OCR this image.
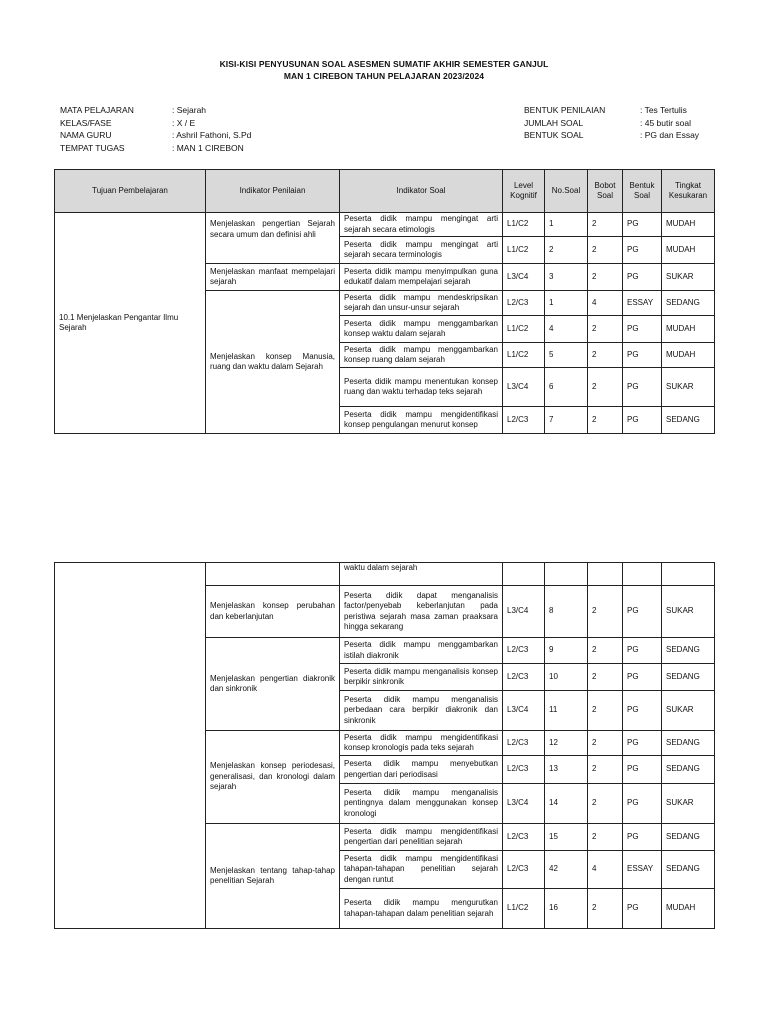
KISI-KISI PENYUSUNAN SOAL ASESMEN SUMATIF AKHIR SEMESTER GANJUL
MAN 1 CIREBON TAHUN PELAJARAN 2023/2024
MATA PELAJARAN	: Sejarah
KELAS/FASE	: X / E
NAMA GURU	: Ashril Fathoni, S.Pd
TEMPAT TUGAS	: MAN 1 CIREBON
BENTUK PENILAIAN	: Tes Tertulis
JUMLAH SOAL	: 45 butir soal
BENTUK SOAL	: PG dan Essay
Tujuan Pembelajaran	Indikator Penilaian	Indikator Soal	Level Kognitif	No.Soal	Bobot Soal	Bentuk Soal	Tingkat Kesukaran
10.1 Menjelaskan Pengantar Ilmu Sejarah	Menjelaskan pengertian Sejarah secara umum dan definisi ahli	Peserta didik mampu mengingat arti sejarah secara etimologis	L1/C2	1	2	PG	MUDAH
		Peserta didik mampu mengingat arti sejarah secara terminologis	L1/C2	2	2	PG	MUDAH
	Menjelaskan manfaat mempelajari sejarah	Peserta didik mampu menyimpulkan guna edukatif dalam mempelajari sejarah	L3/C4	3	2	PG	SUKAR
	Menjelaskan konsep Manusia, ruang dan waktu dalam Sejarah	Peserta didik mampu mendeskripsikan sejarah dan unsur-unsur sejarah	L2/C3	1	4	ESSAY	SEDANG
		Peserta didik mampu menggambarkan konsep waktu dalam sejarah	L1/C2	4	2	PG	MUDAH
		Peserta didik mampu menggambarkan konsep ruang dalam sejarah	L1/C2	5	2	PG	MUDAH
		Peserta didik mampu menentukan konsep ruang dan waktu terhadap teks sejarah	L3/C4	6	2	PG	SUKAR
		Peserta didik mampu mengidentifikasi konsep pengulangan menurut konsep	L2/C3	7	2	PG	SEDANG
		waktu dalam sejarah					
	Menjelaskan konsep perubahan dan keberlanjutan	Peserta didik dapat menganalisis factor/penyebab keberlanjutan pada peristiwa sejarah masa zaman praaksara hingga sekarang	L3/C4	8	2	PG	SUKAR
	Menjelaskan pengertian diakronik dan sinkronik	Peserta didik mampu menggambarkan istilah diakronik	L2/C3	9	2	PG	SEDANG
		Peserta didik mampu menganalisis konsep berpikir sinkronik	L2/C3	10	2	PG	SEDANG
		Peserta didik mampu menganalisis perbedaan cara berpikir diakronik dan sinkronik	L3/C4	11	2	PG	SUKAR
	Menjelaskan konsep periodesasi, generalisasi, dan kronologi dalam sejarah	Peserta didik mampu mengidentifikasi konsep kronologis pada teks sejarah	L2/C3	12	2	PG	SEDANG
		Peserta didik mampu menyebutkan pengertian dari periodisasi	L2/C3	13	2	PG	SEDANG
		Peserta didik mampu menganalisis pentingnya dalam menggunakan konsep kronologi	L3/C4	14	2	PG	SUKAR
	Menjelaskan tentang tahap-tahap penelitian Sejarah	Peserta didik mampu mengidentifikasi pengertian dari penelitian sejarah	L2/C3	15	2	PG	SEDANG
		Peserta didik mampu mengidentifikasi tahapan-tahapan penelitian sejarah dengan runtut	L2/C3	42	4	ESSAY	SEDANG
		Peserta didik mampu mengurutkan tahapan-tahapan dalam penelitian sejarah	L1/C2	16	2	PG	MUDAH
